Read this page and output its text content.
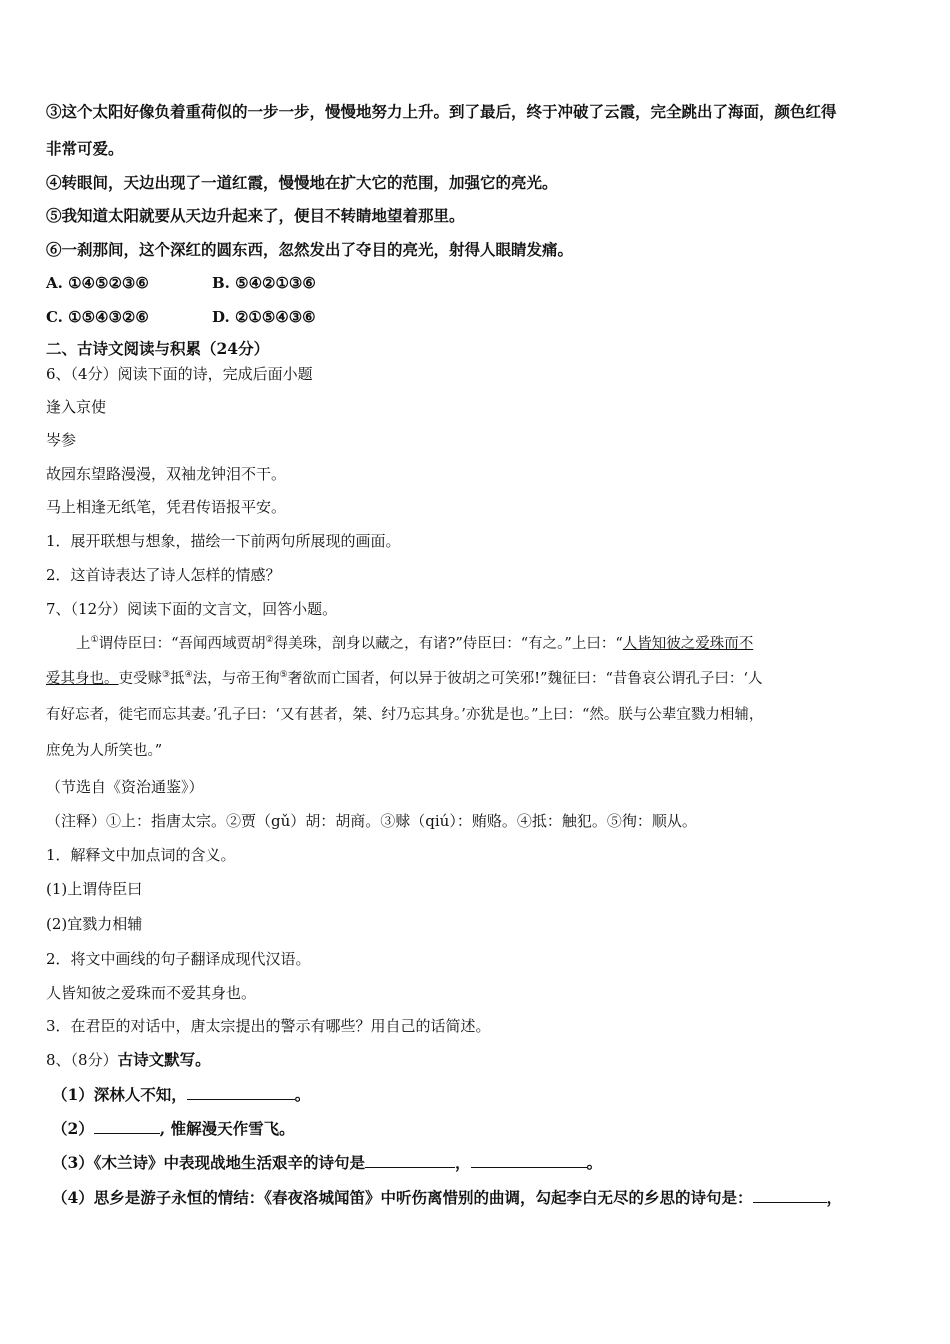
③这个太阳好像负着重荷似的一步一步，慢慢地努力上升。到了最后，终于冲破了云霞，完全跳出了海面，颜色红得
非常可爱。
④转眼间，天边出现了一道红霞，慢慢地在扩大它的范围，加强它的亮光。
⑤我知道太阳就要从天边升起来了，便目不转睛地望着那里。
⑥一刹那间，这个深红的圆东西，忽然发出了夺目的亮光，射得人眼睛发痛。
A. ①④⑤②③⑥	B. ⑤④②①③⑥
C. ①⑤④③②⑥	D. ②①⑤④③⑥
二、古诗文阅读与积累（24分）
6、（4分）阅读下面的诗，完成后面小题
逢入京使
岑参
故园东望路漫漫，双袖龙钟泪不干。
马上相逢无纸笔，凭君传语报平安。
1．展开联想与想象，描绘一下前两句所展现的画面。
2．这首诗表达了诗人怎样的情感？
7、（12分）阅读下面的文言文，回答小题。
上①谓侍臣曰：“吾闻西域贾胡②得美珠，剖身以藏之，有诸?”侍臣曰：“有之。”上曰：“人皆知彼之爱珠而不
爱其身也。吏受赇③抵④法，与帝王徇⑤奢欲而亡国者，何以异于彼胡之可笑邪!”魏征曰：“昔鲁哀公谓孔子曰：‘人
有好忘者，徙宅而忘其妻。’孔子曰：‘又有甚者，桀、纣乃忘其身。’亦犹是也。”上曰：“然。朕与公辈宜戮力相辅，
庶免为人所笑也。”
（节选自《资治通鉴》）
（注释）①上：指唐太宗。②贾（gǔ）胡：胡商。③赇（qiú）：贿赂。④抵：触犯。⑤徇：顺从。
1．解释文中加点词的含义。
(1)上谓侍臣曰
(2)宜戮力相辅
2．将文中画线的句子翻译成现代汉语。
人皆知彼之爱珠而不爱其身也。
3．在君臣的对话中，唐太宗提出的警示有哪些？用自己的话简述。
8、（8分）古诗文默写。
（1）深林人不知，	。
（2）	, 惟解漫天作雪飞。
（3）《木兰诗》中表现战地生活艰辛的诗句是	，	。
（4）思乡是游子永恒的情结：《春夜洛城闻笛》中听伤离惜别的曲调，勾起李白无尽的乡思的诗句是：	，
